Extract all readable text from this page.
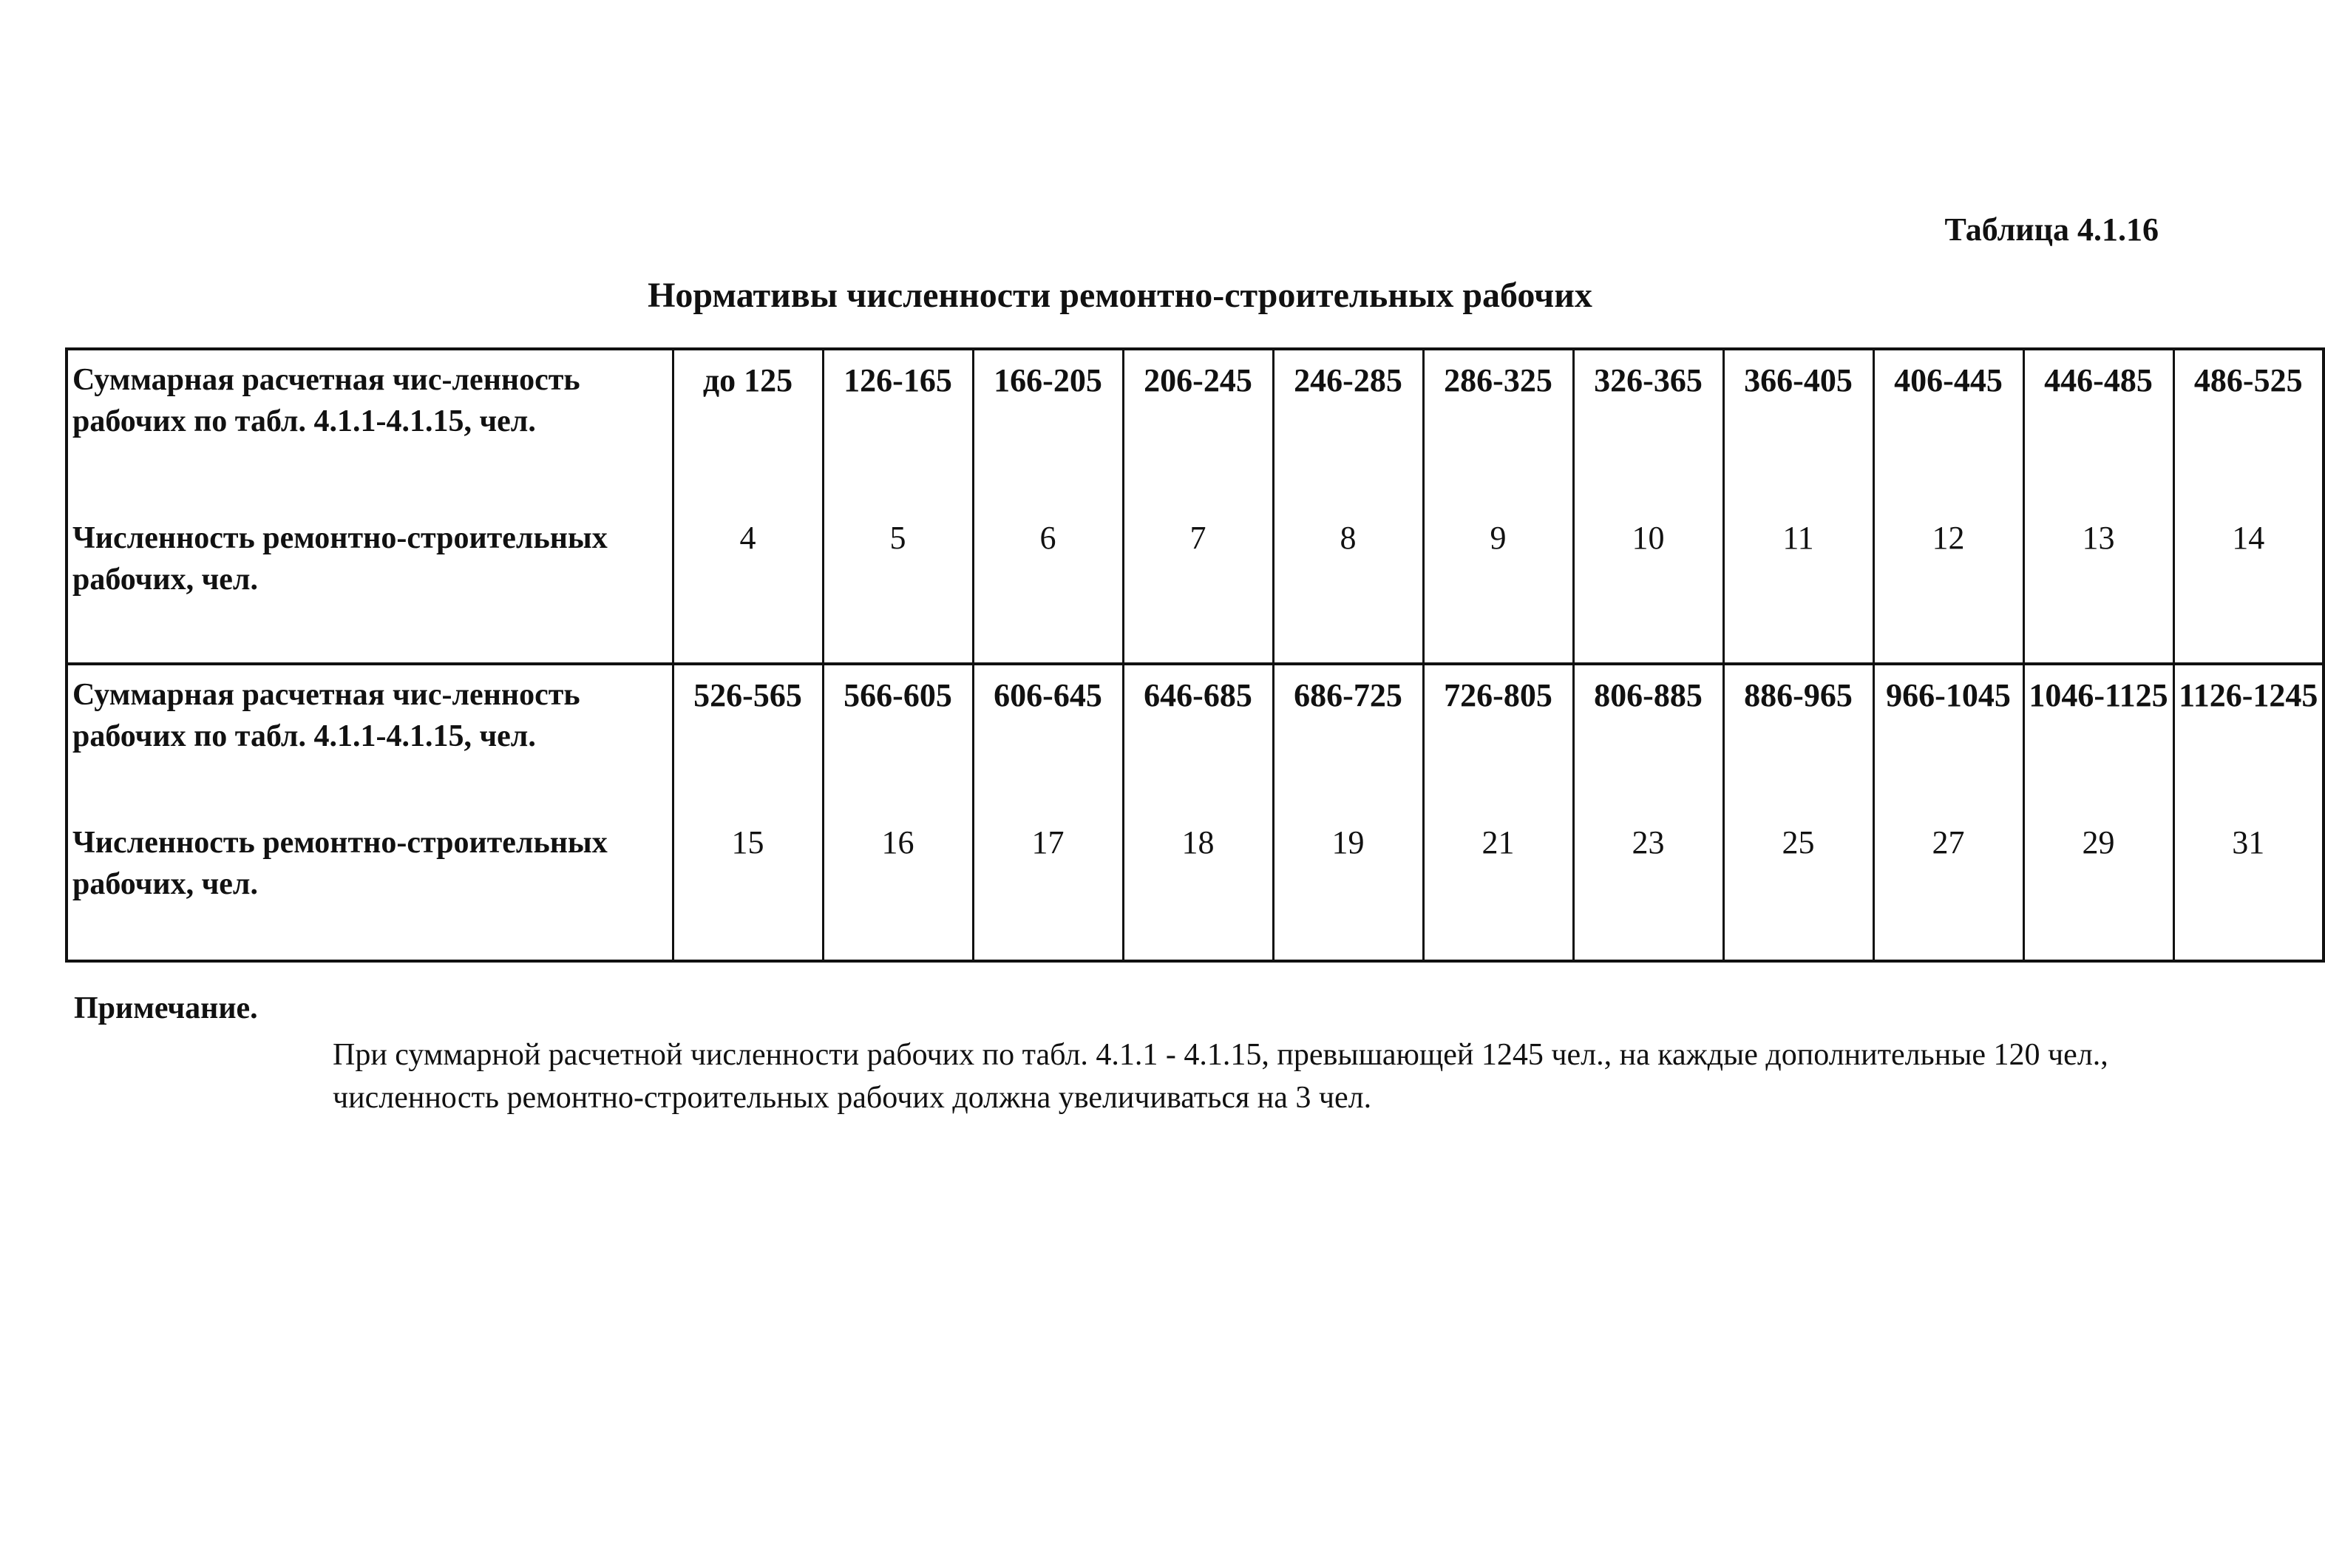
Таблица 4.1.16
Нормативы численности ремонтно-строительных рабочих
Суммарная расчетная чис-ленность рабочих по табл. 4.1.1-4.1.15, чел.	до 125	126-165	166-205	206-245	246-285	286-325	326-365	366-405	406-445	446-485	486-525
Численность ремонтно-строительных рабочих, чел.	4	5	6	7	8	9	10	11	12	13	14
Суммарная расчетная чис-ленность рабочих по табл. 4.1.1-4.1.15, чел.	526-565	566-605	606-645	646-685	686-725	726-805	806-885	886-965	966-1045	1046-1125	1126-1245
Численность ремонтно-строительных рабочих, чел.	15	16	17	18	19	21	23	25	27	29	31
Примечание.
При суммарной расчетной численности рабочих по табл. 4.1.1 - 4.1.15, превышающей 1245 чел., на каждые дополнительные 120 чел., численность ремонтно-строительных рабочих должна увеличиваться на 3 чел.
